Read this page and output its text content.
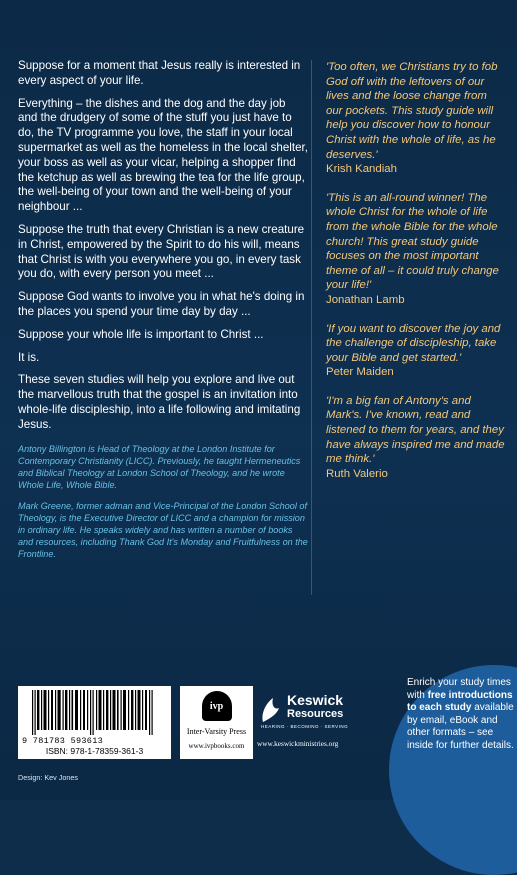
Suppose for a moment that Jesus really is interested in every aspect of your life.

Everything – the dishes and the dog and the day job and the drudgery of some of the stuff you just have to do, the TV programme you love, the staff in your local supermarket as well as the homeless in the local shelter, your boss as well as your vicar, helping a shopper find the ketchup as well as brewing the tea for the life group, the well-being of your town and the well-being of your neighbour ...

Suppose the truth that every Christian is a new creature in Christ, empowered by the Spirit to do his will, means that Christ is with you everywhere you go, in every task you do, with every person you meet ...

Suppose God wants to involve you in what he's doing in the places you spend your time day by day ...

Suppose your whole life is important to Christ ...

It is.

These seven studies will help you explore and live out the marvellous truth that the gospel is an invitation into whole-life discipleship, into a life following and imitating Jesus.

Antony Billington is Head of Theology at the London Institute for Contemporary Christianity (LICC). Previously, he taught Hermeneutics and Biblical Theology at London School of Theology, and he wrote Whole Life, Whole Bible.

Mark Greene, former adman and Vice-Principal of the London School of Theology, is the Executive Director of LICC and a champion for mission in ordinary life. He speaks widely and has written a number of books and resources, including Thank God It's Monday and Fruitfulness on the Frontline.

'Too often, we Christians try to fob God off with the leftovers of our lives and the loose change from our pockets. This study guide will help you discover how to honour Christ with the whole of life, as he deserves.'
Krish Kandiah
'This is an all-round winner! The whole Christ for the whole of life from the whole Bible for the whole church! This great study guide focuses on the most important theme of all – it could truly change your life!'
Jonathan Lamb
'If you want to discover the joy and the challenge of discipleship, take your Bible and get started.'
Peter Maiden
'I'm a big fan of Antony's and Mark's. I've known, read and listened to them for years, and they have always inspired me and made me think.'
Ruth Valerio
Enrich your study times with free introductions to each study available by email, eBook and other formats – see inside for further details.
9 781783 593613
ISBN: 978-1-78359-361-3
Design: Kev Jones
ivp
Inter-Varsity Press
www.ivpbooks.com
Keswick
Resources
HEARING · BECOMING · SERVING
www.keswickministries.org
